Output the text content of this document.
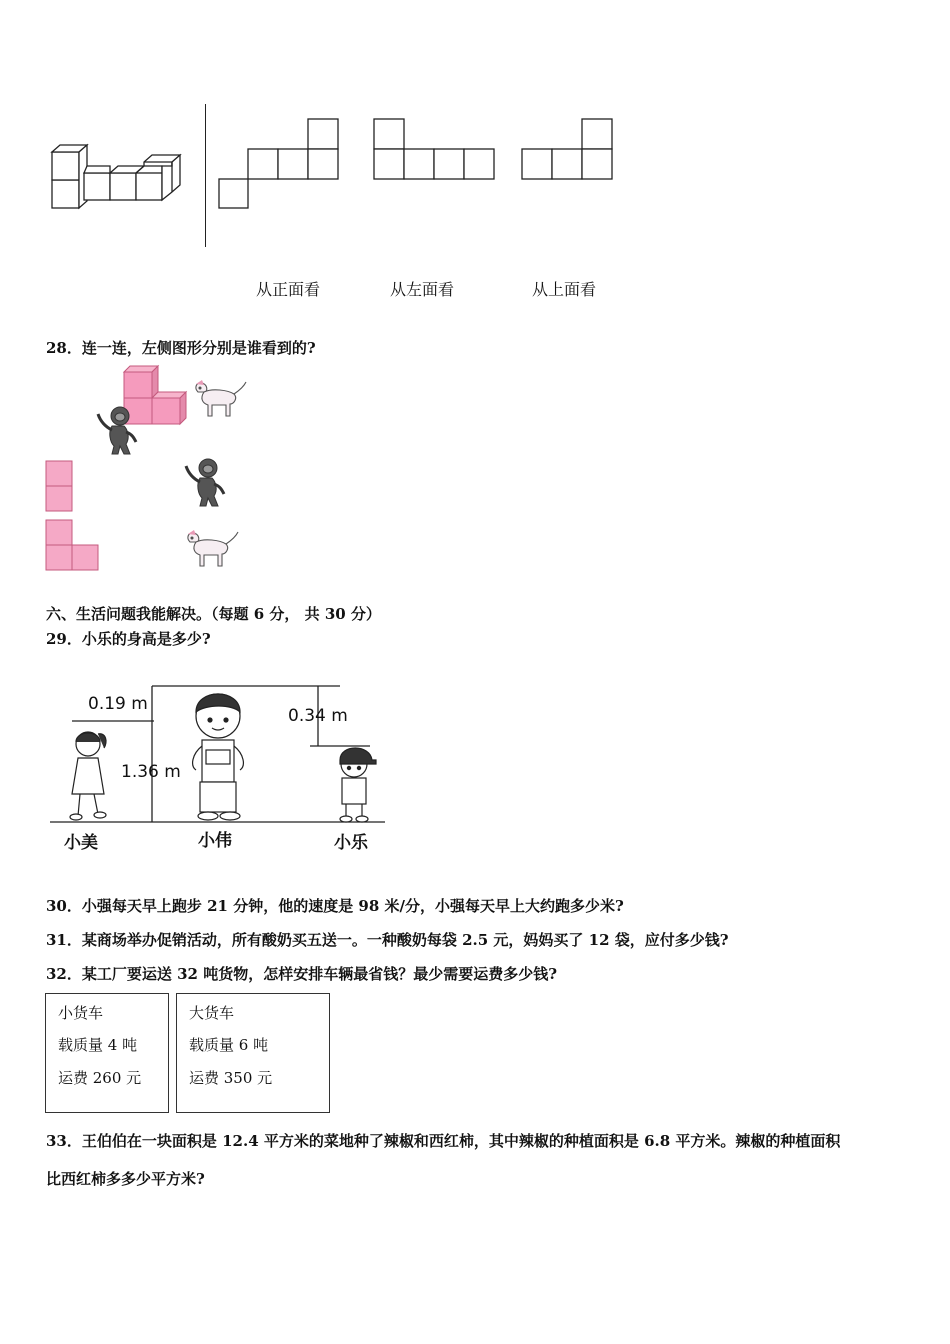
从正面看	从左面看	从上面看
28．连一连，左侧图形分别是谁看到的?
六、生活问题我能解决。（每题 6 分， 共 30 分）
29．小乐的身高是多少?
0.19 m
1.36 m
0.34 m
小美	小伟	小乐
30．小强每天早上跑步 21 分钟，他的速度是 98 米/分，小强每天早上大约跑多少米?
31．某商场举办促销活动，所有酸奶买五送一。一种酸奶每袋 2.5 元，妈妈买了 12 袋，应付多少钱?
32．某工厂要运送 32 吨货物，怎样安排车辆最省钱？最少需要运费多少钱?
小货车
载质量 4 吨
运费 260 元
大货车
载质量 6 吨
运费 350 元
33．王伯伯在一块面积是 12.4 平方米的菜地种了辣椒和西红柿，其中辣椒的种植面积是 6.8 平方米。辣椒的种植面积
比西红柿多多少平方米?
